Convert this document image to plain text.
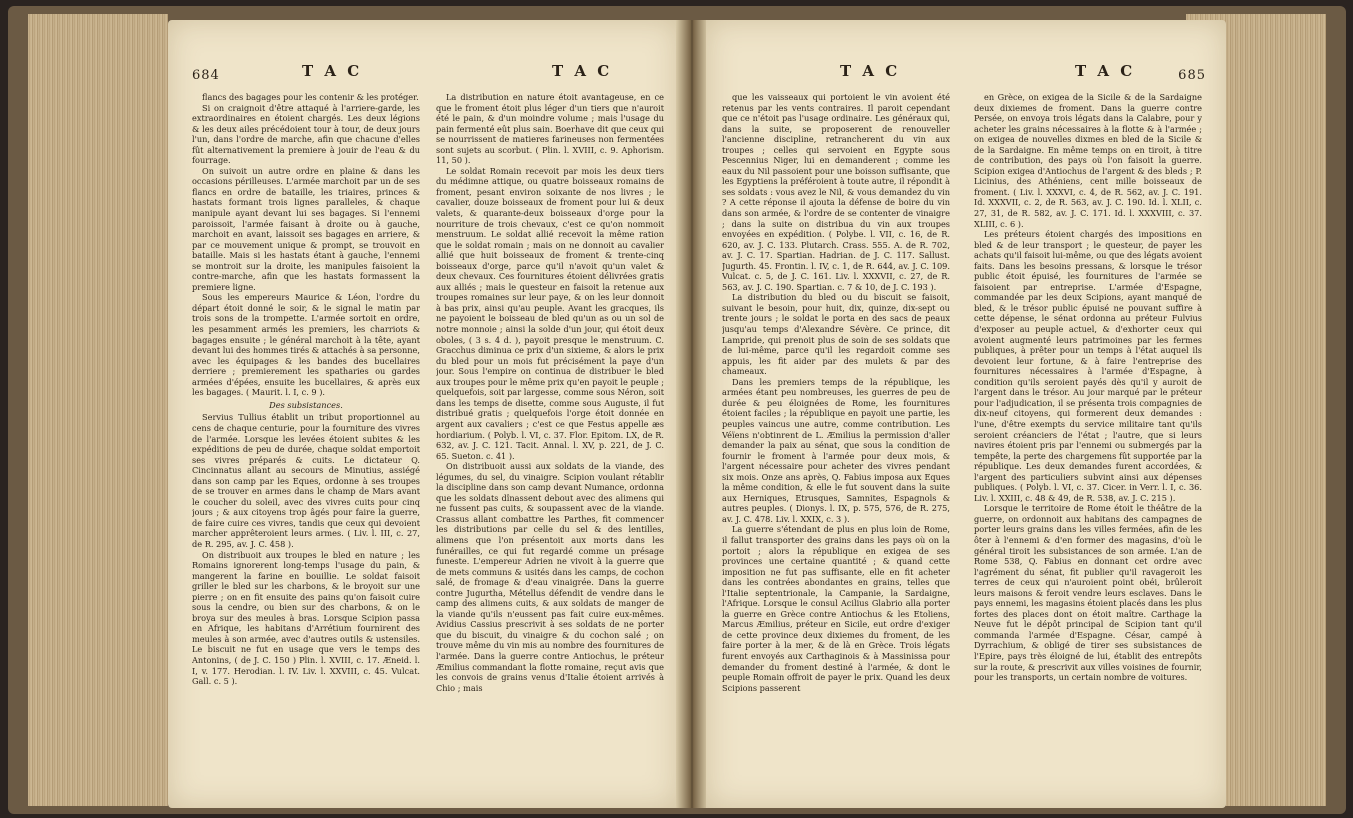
684	T A C	T A C

flancs des bagages pour les contenir & les protéger.

Si on craignoit d'être attaqué à l'arriere-garde, les extraordinaires en étoient chargés. Les deux légions & les deux ailes précédoient tour à tour, de deux jours l'un, dans l'ordre de marche, afin que chacune d'elles fût alternativement la premiere à jouir de l'eau & du fourrage.

On suivoit un autre ordre en plaine & dans les occasions périlleuses. L'armée marchoit par un de ses flancs en ordre de bataille, les triaires, princes & hastats formant trois lignes paralleles, & chaque manipule ayant devant lui ses bagages. Si l'ennemi paroissoit, l'armée faisant à droite ou à gauche, marchoit en avant, laissoit ses bagages en arriere, & par ce mouvement unique & prompt, se trouvoit en bataille. Mais si les hastats étant à gauche, l'ennemi se montroit sur la droite, les manipules faisoient la contre-marche, afin que les hastats formassent la premiere ligne.

Sous les empereurs Maurice & Léon, l'ordre du départ étoit donné le soir, & le signal le matin par trois sons de la trompette. L'armée sortoit en ordre, les pesamment armés les premiers, les charriots & bagages ensuite ; le général marchoit à la tête, ayant devant lui des hommes tirés & attachés à sa personne, avec les équipages & les bandes des bucellaires derriere ; premierement les spatharies ou gardes armées d'épées, ensuite les bucellaires, & après eux les bagages. ( Maurit. l. I, c. 9 ).

Des subsistances.

Servius Tullius établit un tribut proportionnel au cens de chaque centurie, pour la fourniture des vivres de l'armée. Lorsque les levées étoient subites & les expéditions de peu de durée, chaque soldat emportoit ses vivres préparés & cuits. Le dictateur Q. Cincinnatus allant au secours de Minutius, assiégé dans son camp par les Eques, ordonne à ses troupes de se trouver en armes dans le champ de Mars avant le coucher du soleil, avec des vivres cuits pour cinq jours ; & aux citoyens trop âgés pour faire la guerre, de faire cuire ces vivres, tandis que ceux qui devoient marcher apprêteroient leurs armes. ( Liv. l. III, c. 27, de R. 295, av. J. C. 458 ).

On distribuoit aux troupes le bled en nature ; les Romains ignorerent long-temps l'usage du pain, & mangerent la farine en bouillie. Le soldat faisoit griller le bled sur les charbons, & le broyoit sur une pierre ; on en fit ensuite des pains qu'on faisoit cuire sous la cendre, ou bien sur des charbons, & on le broya sur des meules à bras. Lorsque Scipion passa en Afrique, les habitans d'Arrétium fournirent des meules à son armée, avec d'autres outils & ustensiles. Le biscuit ne fut en usage que vers le temps des Antonins, ( de J. C. 150 ) Plin. l. XVIII, c. 17. Æneid. l. I, v. 177. Herodian. l. IV. Liv. l. XXVIII, c. 45. Vulcat. Gall. c. 5 ).

La distribution en nature étoit avantageuse, en ce que le froment étoit plus léger d'un tiers que n'auroit été le pain, & d'un moindre volume ; mais l'usage du pain fermenté eût plus sain. Boerhave dit que ceux qui se nourrissent de matieres farineuses non fermentées sont sujets au scorbut. ( Plin. l. XVIII, c. 9. Aphorism. 11, 50 ).

Le soldat Romain recevoit par mois les deux tiers du médimne attique, ou quatre boisseaux romains de froment, pesant environ soixante de nos livres ; le cavalier, douze boisseaux de froment pour lui & deux valets, & quarante-deux boisseaux d'orge pour la nourriture de trois chevaux, c'est ce qu'on nommoit menstruum. Le soldat allié recevoit la même ration que le soldat romain ; mais on ne donnoit au cavalier allié que huit boisseaux de froment & trente-cinq boisseaux d'orge, parce qu'il n'avoit qu'un valet & deux chevaux. Ces fournitures étoient délivrées gratis aux alliés ; mais le questeur en faisoit la retenue aux troupes romaines sur leur paye, & on les leur donnoit à bas prix, ainsi qu'au peuple. Avant les gracques, ils ne payoient le boisseau de bled qu'un as ou un sol de notre monnoie ; ainsi la solde d'un jour, qui étoit deux oboles, ( 3 s. 4 d. ), payoit presque le menstruum. C. Gracchus diminua ce prix d'un sixieme, & alors le prix du bled pour un mois fut précisément la paye d'un jour. Sous l'empire on continua de distribuer le bled aux troupes pour le même prix qu'en payoit le peuple ; quelquefois, soit par largesse, comme sous Néron, soit dans les temps de disette, comme sous Auguste, il fut distribué gratis ; quelquefois l'orge étoit donnée en argent aux cavaliers ; c'est ce que Festus appelle æs hordiarium. ( Polyb. l. VI, c. 37. Flor. Epitom. LX, de R. 632, av. J. C. 121. Tacit. Annal. l. XV, p. 221, de J. C. 65. Sueton. c. 41 ).

On distribuoit aussi aux soldats de la viande, des légumes, du sel, du vinaigre. Scipion voulant rétablir la discipline dans son camp devant Numance, ordonna que les soldats dînassent debout avec des alimens qui ne fussent pas cuits, & soupassent avec de la viande. Crassus allant combattre les Parthes, fit commencer les distributions par celle du sel & des lentilles, alimens que l'on présentoit aux morts dans les funérailles, ce qui fut regardé comme un présage funeste. L'empereur Adrien ne vivoit à la guerre que de mets communs & usités dans les camps, de cochon salé, de fromage & d'eau vinaigrée. Dans la guerre contre Jugurtha, Métellus défendit de vendre dans le camp des alimens cuits, & aux soldats de manger de la viande qu'ils n'eussent pas fait cuire eux-mêmes. Avidius Cassius prescrivit à ses soldats de ne porter que du biscuit, du vinaigre & du cochon salé ; on trouve même du vin mis au nombre des fournitures de l'armée. Dans la guerre contre Antiochus, le préteur Æmilius commandant la flotte romaine, reçut avis que les convois de grains venus d'Italie étoient arrivés à Chio ; mais

T A C	T A C	685

que les vaisseaux qui portoient le vin avoient été retenus par les vents contraires. Il paroit cependant que ce n'étoit pas l'usage ordinaire. Les généraux qui, dans la suite, se proposerent de renouveller l'ancienne discipline, retrancherent du vin aux troupes ; celles qui servoient en Egypte sous Pescennius Niger, lui en demanderent ; comme les eaux du Nil passoient pour une boisson suffisante, que les Egyptiens la préféroient à toute autre, il répondit à ses soldats : vous avez le Nil, & vous demandez du vin ? A cette réponse il ajouta la défense de boire du vin dans son armée, & l'ordre de se contenter de vinaigre ; dans la suite on distribua du vin aux troupes envoyées en expédition. ( Polybe. l. VII, c. 16, de R. 620, av. J. C. 133. Plutarch. Crass. 555. A. de R. 702, av. J. C. 17. Spartian. Hadrian. de J. C. 117. Sallust. Jugurth. 45. Frontin. l. IV, c. 1, de R. 644, av. J. C. 109. Vulcat. c. 5, de J. C. 161. Liv. l. XXXVII, c. 27, de R. 563, av. J. C. 190. Spartian. c. 7 & 10, de J. C. 193 ).

La distribution du bled ou du biscuit se faisoit, suivant le besoin, pour huit, dix, quinze, dix-sept ou trente jours ; le soldat le porta en des sacs de peaux jusqu'au temps d'Alexandre Sévère. Ce prince, dit Lampride, qui prenoit plus de soin de ses soldats que de lui-même, parce qu'il les regardoit comme ses appuis, les fit aider par des mulets & par des chameaux.

Dans les premiers temps de la république, les armées étant peu nombreuses, les guerres de peu de durée & peu éloignées de Rome, les fournitures étoient faciles ; la république en payoit une partie, les peuples vaincus une autre, comme contribution. Les Véïens n'obtinrent de L. Æmilius la permission d'aller demander la paix au sénat, que sous la condition de fournir le froment à l'armée pour deux mois, & l'argent nécessaire pour acheter des vivres pendant six mois. Onze ans après, Q. Fabius imposa aux Eques la même condition, & elle le fut souvent dans la suite aux Herniques, Etrusques, Samnites, Espagnols & autres peuples. ( Dionys. l. IX, p. 575, 576, de R. 275, av. J. C. 478. Liv. l. XXIX, c. 3 ).

La guerre s'étendant de plus en plus loin de Rome, il fallut transporter des grains dans les pays où on la portoit ; alors la république en exigea de ses provinces une certaine quantité ; & quand cette imposition ne fut pas suffisante, elle en fit acheter dans les contrées abondantes en grains, telles que l'Italie septentrionale, la Campanie, la Sardaigne, l'Afrique. Lorsque le consul Acilius Glabrio alla porter la guerre en Grèce contre Antiochus & les Etoliens, Marcus Æmilius, préteur en Sicile, eut ordre d'exiger de cette province deux dixiemes du froment, de les faire porter à la mer, & de là en Grèce. Trois légats furent envoyés aux Carthaginois & à Massinissa pour demander du froment destiné à l'armée, & dont le peuple Romain offroit de payer le prix. Quand les deux Scipions passerent

en Grèce, on exigea de la Sicile & de la Sardaigne deux dixiemes de froment. Dans la guerre contre Persée, on envoya trois légats dans la Calabre, pour y acheter les grains nécessaires à la flotte & à l'armée ; on exigea de nouvelles dixmes en bled de la Sicile & de la Sardaigne. En même temps on en tiroit, à titre de contribution, des pays où l'on faisoit la guerre. Scipion exigea d'Antiochus de l'argent & des bleds ; P. Licinius, des Athéniens, cent mille boisseaux de froment. ( Liv. l. XXXVI, c. 4, de R. 562, av. J. C. 191. Id. XXXVII, c. 2, de R. 563, av. J. C. 190. Id. l. XLII, c. 27, 31, de R. 582, av. J. C. 171. Id. l. XXXVIII, c. 37. XLIII, c. 6 ).

Les préteurs étoient chargés des impositions en bled & de leur transport ; le questeur, de payer les achats qu'il faisoit lui-même, ou que des légats avoient faits. Dans les besoins pressans, & lorsque le trésor public étoit épuisé, les fournitures de l'armée se faisoient par entreprise. L'armée d'Espagne, commandée par les deux Scipions, ayant manqué de bled, & le trésor public épuisé ne pouvant suffire à cette dépense, le sénat ordonna au préteur Fulvius d'exposer au peuple actuel, & d'exhorter ceux qui avoient augmenté leurs patrimoines par les fermes publiques, à prêter pour un temps à l'état auquel ils devoient leur fortune, & à faire l'entreprise des fournitures nécessaires à l'armée d'Espagne, à condition qu'ils seroient payés dès qu'il y auroit de l'argent dans le trésor. Au jour marqué par le préteur pour l'adjudication, il se présenta trois compagnies de dix-neuf citoyens, qui formerent deux demandes : l'une, d'être exempts du service militaire tant qu'ils seroient créanciers de l'état ; l'autre, que si leurs navires étoient pris par l'ennemi ou submergés par la tempête, la perte des chargemens fût supportée par la république. Les deux demandes furent accordées, & l'argent des particuliers subvint ainsi aux dépenses publiques. ( Polyb. l. VI, c. 37. Cicer. in Verr. l. I, c. 36. Liv. l. XXIII, c. 48 & 49, de R. 538, av. J. C. 215 ).

Lorsque le territoire de Rome étoit le théâtre de la guerre, on ordonnoit aux habitans des campagnes de porter leurs grains dans les villes fermées, afin de les ôter à l'ennemi & d'en former des magasins, d'où le général tiroit les subsistances de son armée. L'an de Rome 538, Q. Fabius en donnant cet ordre avec l'agrément du sénat, fit publier qu'il ravageroit les terres de ceux qui n'auroient point obéi, brûleroit leurs maisons & feroit vendre leurs esclaves. Dans le pays ennemi, les magasins étoient placés dans les plus fortes des places dont on étoit maître. Carthage la Neuve fut le dépôt principal de Scipion tant qu'il commanda l'armée d'Espagne. César, campé à Dyrrachium, & obligé de tirer ses subsistances de l'Epire, pays très éloigné de lui, établit des entrepôts sur la route, & prescrivit aux villes voisines de fournir, pour les transports, un certain nombre de voitures.
